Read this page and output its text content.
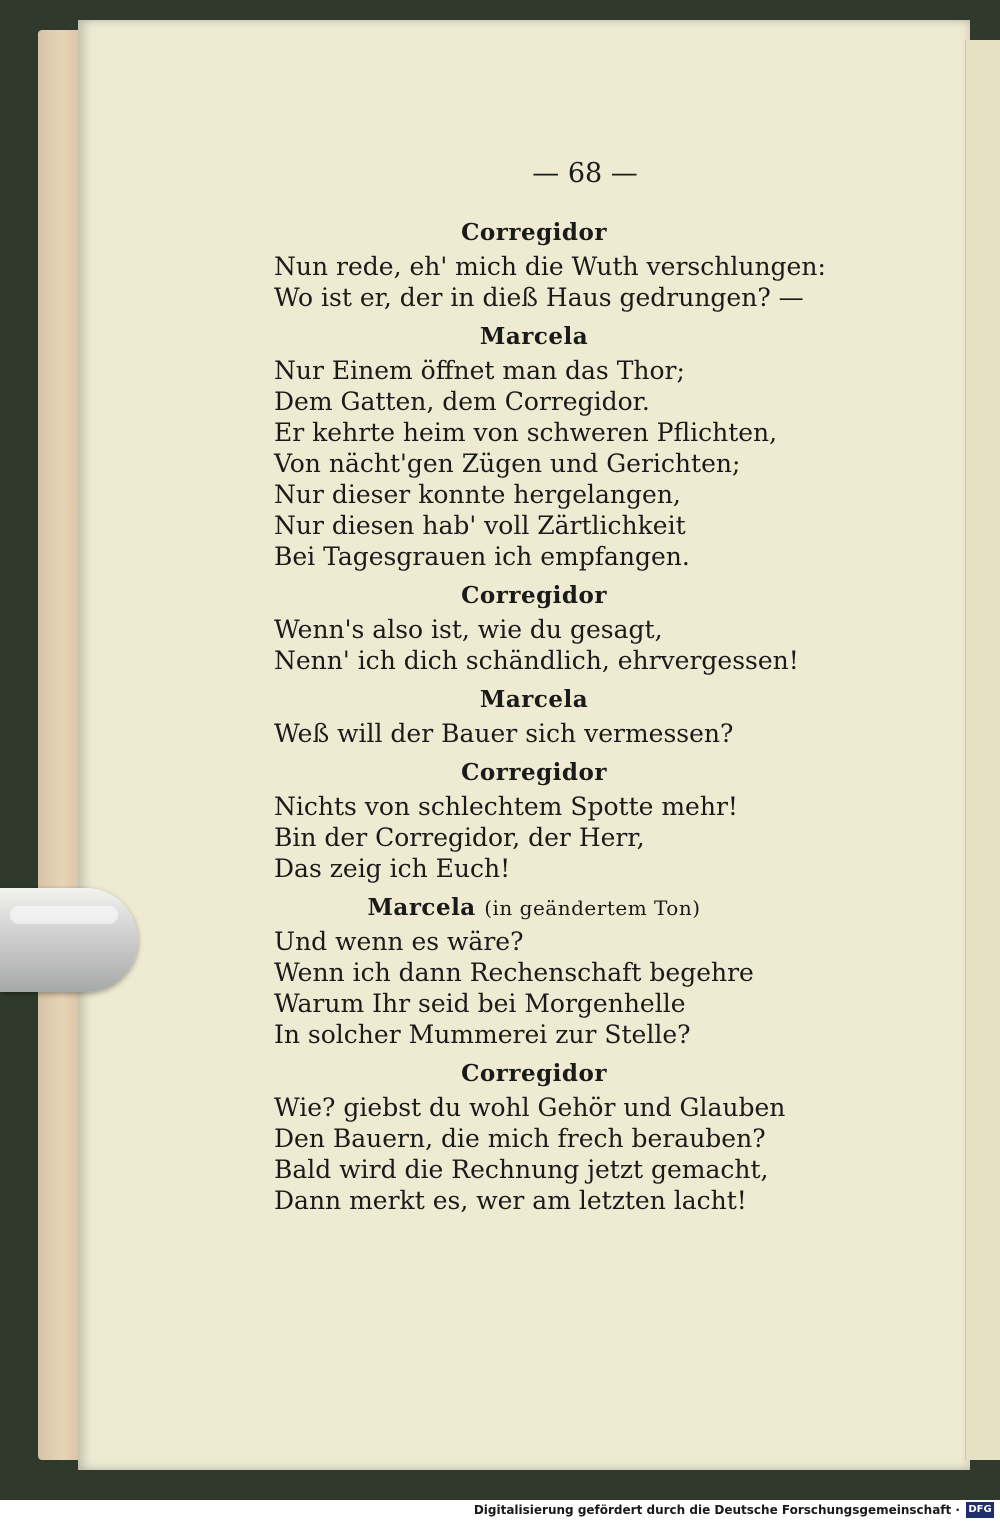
— 68 —
Corregidor
Nun rede, eh' mich die Wuth verschlungen:
Wo ist er, der in dieß Haus gedrungen? —
Marcela
Nur Einem öffnet man das Thor;
Dem Gatten, dem Corregidor.
Er kehrte heim von schweren Pflichten,
Von nächt'gen Zügen und Gerichten;
Nur dieser konnte hergelangen,
Nur diesen hab' voll Zärtlichkeit
Bei Tagesgrauen ich empfangen.
Corregidor
Wenn's also ist, wie du gesagt,
Nenn' ich dich schändlich, ehrvergessen!
Marcela
Weß will der Bauer sich vermessen?
Corregidor
Nichts von schlechtem Spotte mehr!
Bin der Corregidor, der Herr,
Das zeig ich Euch!
Marcela (in geändertem Ton)
Und wenn es wäre?
Wenn ich dann Rechenschaft begehre
Warum Ihr seid bei Morgenhelle
In solcher Mummerei zur Stelle?
Corregidor
Wie? giebst du wohl Gehör und Glauben
Den Bauern, die mich frech berauben?
Bald wird die Rechnung jetzt gemacht,
Dann merkt es, wer am letzten lacht!
Digitalisierung gefördert durch die Deutsche Forschungsgemeinschaft · DFG
